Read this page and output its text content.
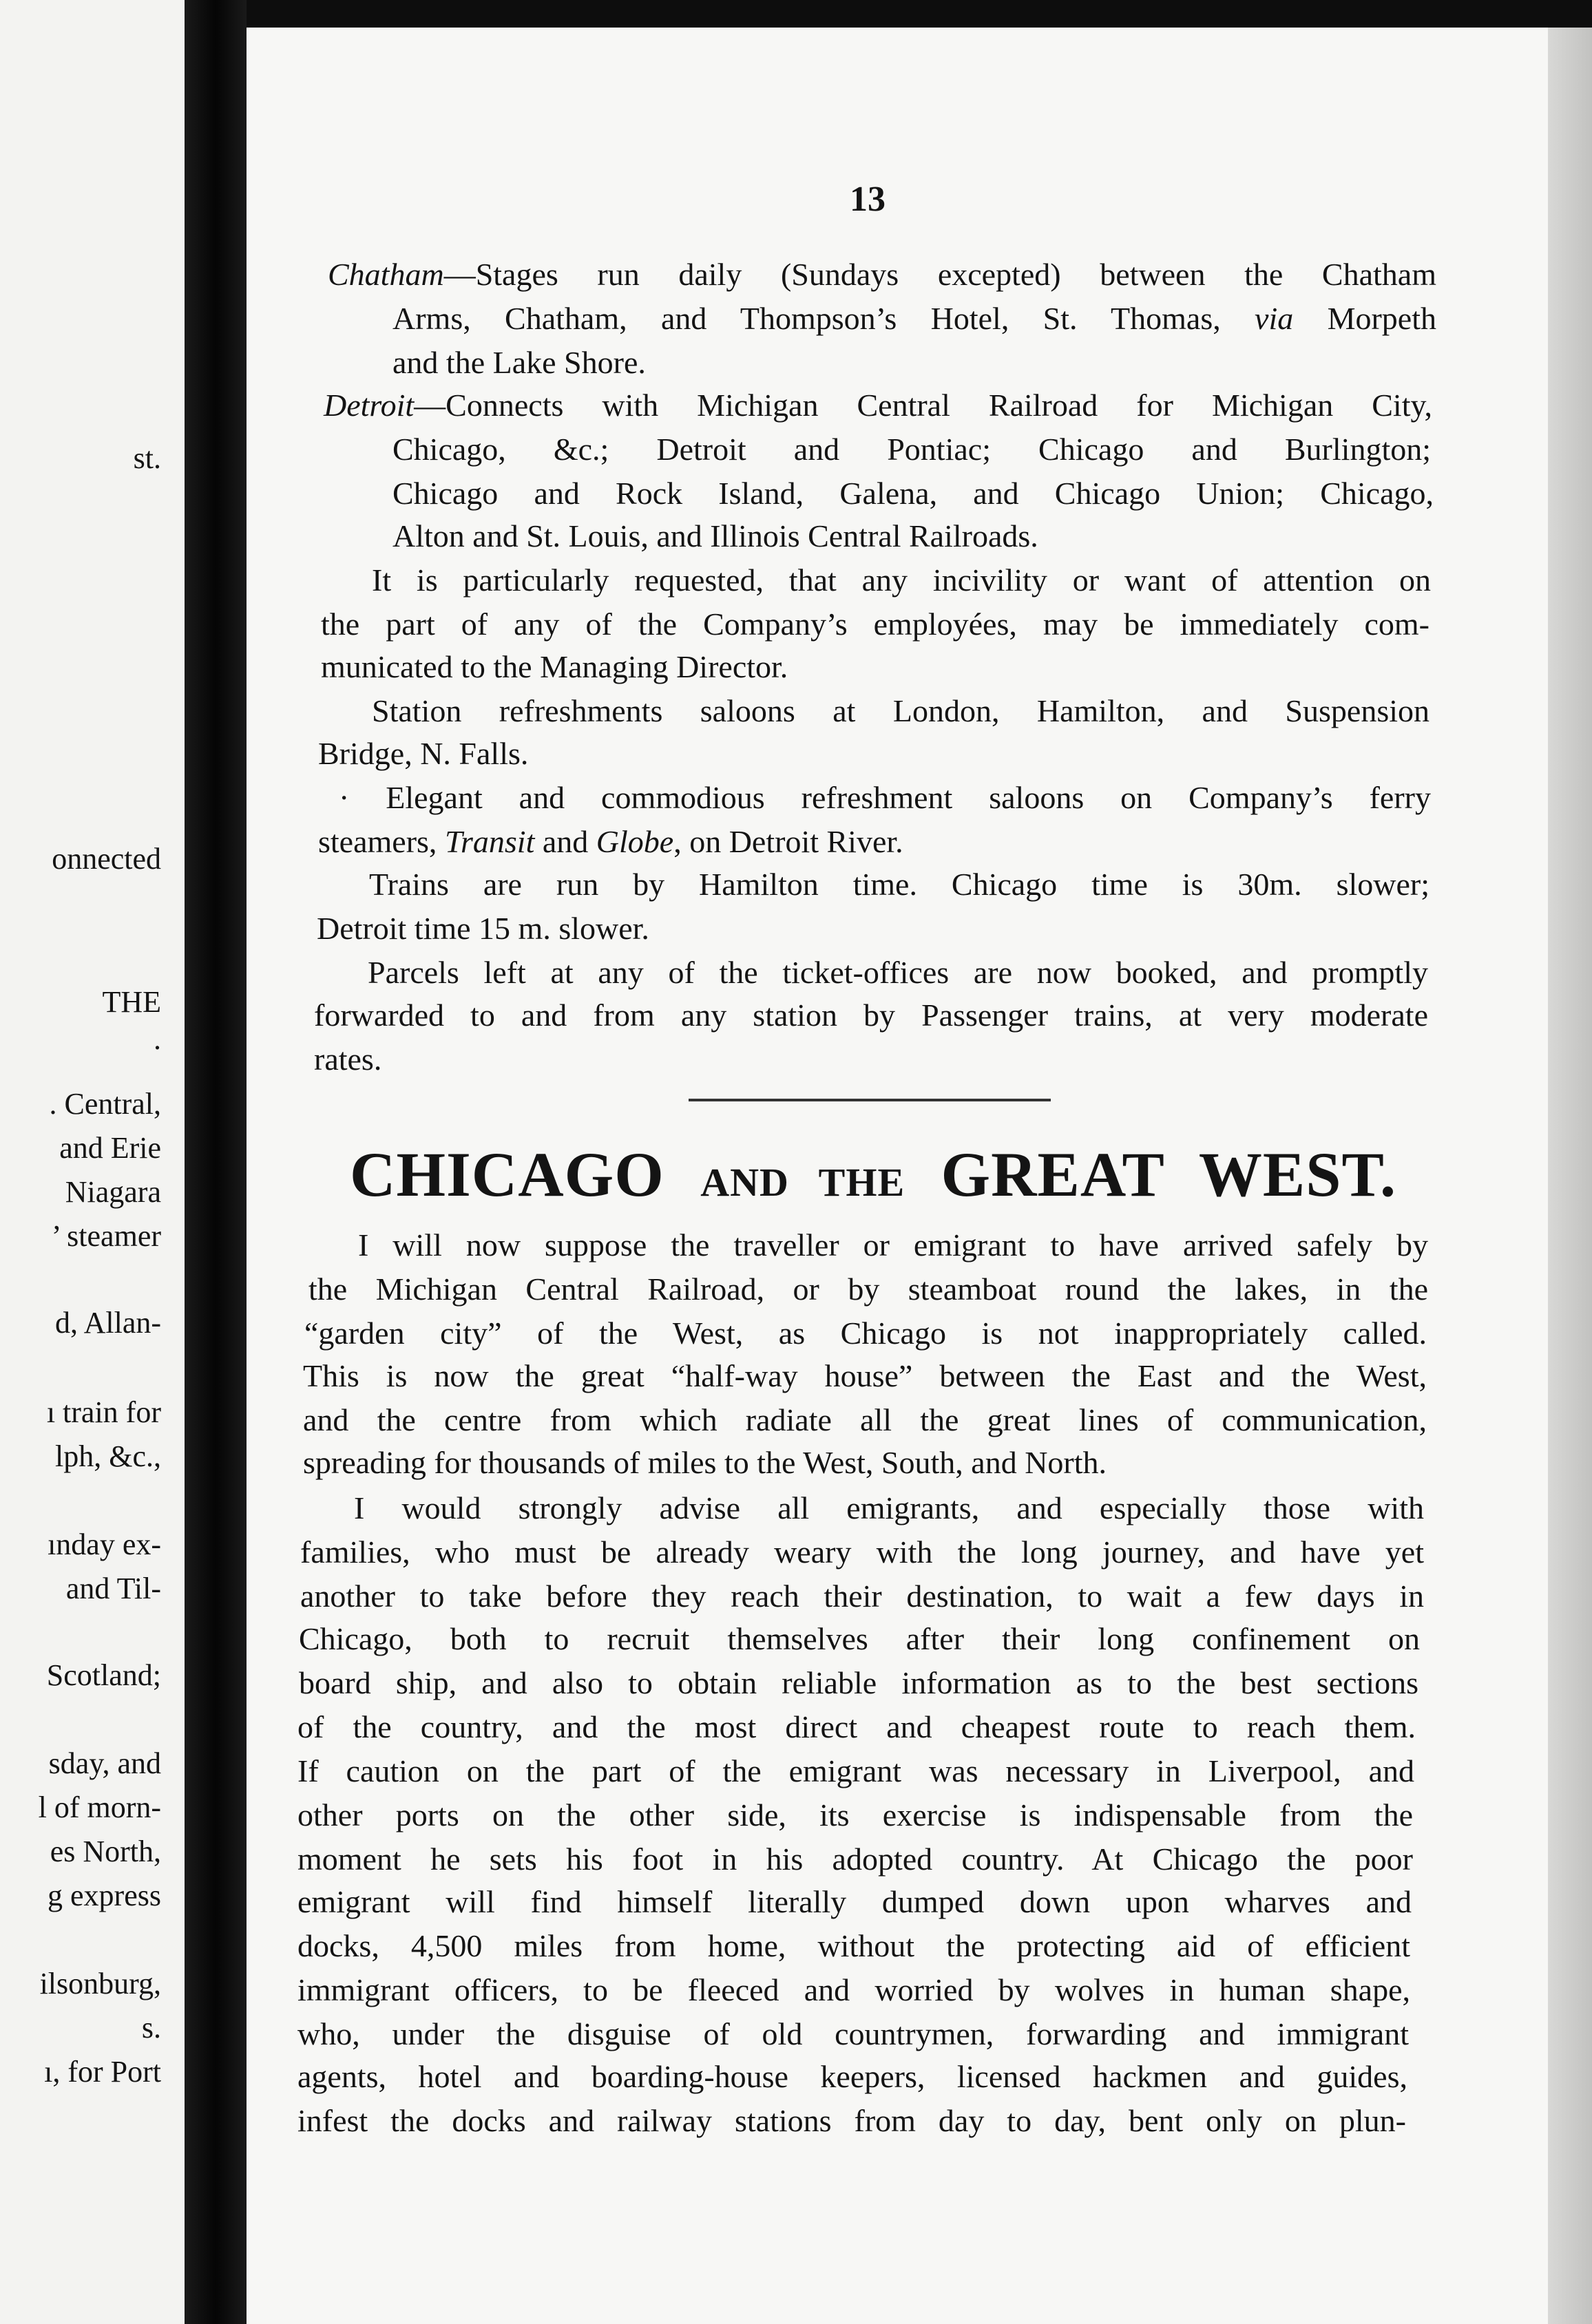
st.
onnected
THE
.
. Central,
and Erie
Niagara
’ steamer
d, Allan-
ı train for
lph, &c.,
ınday ex-
and Til-
Scotland;
sday, and
l of morn-
es North,
g express
ilsonburg,
s.
ı, for Port
13
Chatham—Stages run daily (Sundays excepted) between the Chatham
Arms, Chatham, and Thompson’s Hotel, St. Thomas, via Morpeth
and the Lake Shore.
Detroit—Connects with Michigan Central Railroad for Michigan City,
Chicago, &c.; Detroit and Pontiac; Chicago and Burlington;
Chicago and Rock Island, Galena, and Chicago Union; Chicago,
Alton and St. Louis, and Illinois Central Railroads.
It is particularly requested, that any incivility or want of attention on
the part of any of the Company’s employées, may be immediately com-
municated to the Managing Director.
Station refreshments saloons at London, Hamilton, and Suspension
Bridge, N. Falls.
· Elegant and commodious refreshment saloons on Company’s ferry
steamers, Transit and Globe, on Detroit River.
Trains are run by Hamilton time. Chicago time is 30m. slower;
Detroit time 15 m. slower.
Parcels left at any of the ticket-offices are now booked, and promptly
forwarded to and from any station by Passenger trains, at very moderate
rates.
CHICAGO AND THE GREAT WEST.
I will now suppose the traveller or emigrant to have arrived safely by
the Michigan Central Railroad, or by steamboat round the lakes, in the
“garden city” of the West, as Chicago is not inappropriately called.
This is now the great “half-way house” between the East and the West,
and the centre from which radiate all the great lines of communication,
spreading for thousands of miles to the West, South, and North.
I would strongly advise all emigrants, and especially those with
families, who must be already weary with the long journey, and have yet
another to take before they reach their destination, to wait a few days in
Chicago, both to recruit themselves after their long confinement on
board ship, and also to obtain reliable information as to the best sections
of the country, and the most direct and cheapest route to reach them.
If caution on the part of the emigrant was necessary in Liverpool, and
other ports on the other side, its exercise is indispensable from the
moment he sets his foot in his adopted country. At Chicago the poor
emigrant will find himself literally dumped down upon wharves and
docks, 4,500 miles from home, without the protecting aid of efficient
immigrant officers, to be fleeced and worried by wolves in human shape,
who, under the disguise of old countrymen, forwarding and immigrant
agents, hotel and boarding-house keepers, licensed hackmen and guides,
infest the docks and railway stations from day to day, bent only on plun-
